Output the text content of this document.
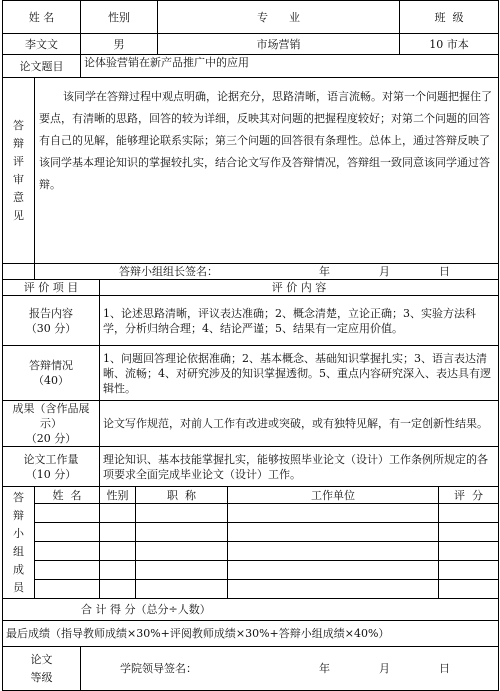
姓 名		性别			专      业		班  级	
李文文		男			市场营销		10 市本	
论文题目		论体验营销在新产品推广中的应用						

答辩评审意见	该同学在答辩过程中观点明确，论据充分，思路清晰，语言流畅。对第一个问题把握住了要点，有清晰的思路，回答的较为详细，反映其对问题的把握程度较好；对第二个问题的回答有自己的见解，能够理论联系实际；第三个问题的回答很有条理性。总体上，通过答辩反映了该同学基本理论知识的掌握较扎实，结合论文写作及答辩情况，答辩组一致同意该同学通过答辩。							

	答辩小组组长签名： 年  月  日							

评 价 项 目			评 价 内 容					

报告内容
（30 分）			1、论述思路清晰，评议表达准确；2、概念清楚，立论正确；3、实验方法科学，分析归纳合理；4、结论严谨；5、结果有一定应用价值。					

答辩情况
（40）			1、问题回答理论依据准确；2、基本概念、基础知识掌握扎实；3、语言表达清晰、流畅；4、对研究涉及的知识掌握透彻。5、重点内容研究深入、表达具有逻辑性。					

成果（含作品展示）
（20 分）			论文写作规范，对前人工作有改进或突破，或有独特见解，有一定创新性结果。					

论文工作量
（10 分）			理论知识、基本技能掌握扎实，能够按照毕业论文（设计）工作条例所规定的各项要求全面完成毕业论文（设计）工作。					

答辩小组成员	姓  名		性别	职  称		工作单位		评  分

合 计 得 分（总分÷人数）								
最后成绩（指导教师成绩×30%+评阅教师成绩×30%+答辩小组成绩×40%）								

论文等级		学院领导签名： 年  月  日						
